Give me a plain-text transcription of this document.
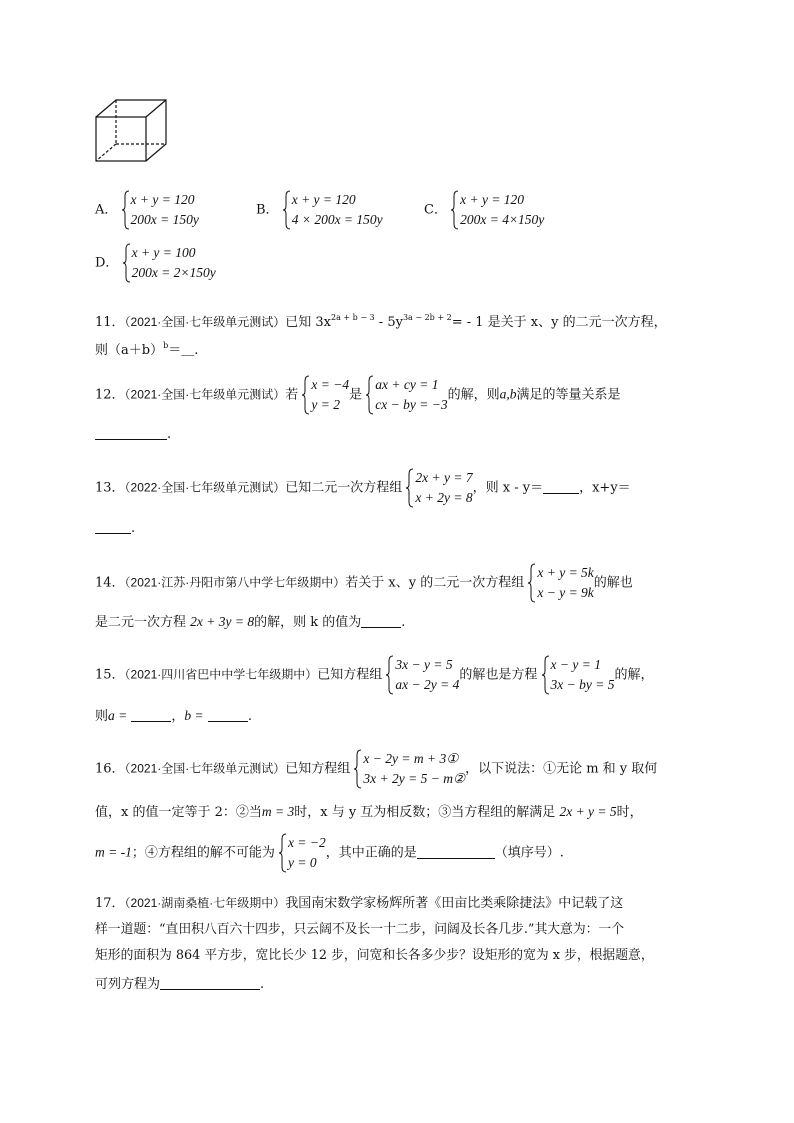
A．
x + y = 120
200x = 150y
B．
x + y = 120
4 × 200x = 150y
C．
x + y = 120
200x = 4×150y
D．
x + y = 100
200x = 2×150y
11．（2021·全国·七年级单元测试）已知 $3x^{2a + b - 3} - 5y^{3a - 2b + 2}= - 1$ 是关于 x、y 的二元一次方程，
则$(a+b)^b=\_$.
12．（2021·全国·七年级单元测试）若
x = −4
y = 2
是
ax + cy = 1
cx − by = −3
的解，则a,b满足的等量关系是
.
13．（2022·全国·七年级单元测试）已知二元一次方程组
2x + y = 7
x + 2y = 8
，则 x - y＝	，x+y＝
.
14．（2021·江苏·丹阳市第八中学七年级期中）若关于 x、y 的二元一次方程组
x + y = 5k
x − y = 9k
的解也
是二元一次方程 2x + 3y = 8的解，则 k 的值为	.
15．（2021·四川省巴中中学七年级期中）已知方程组
3x − y = 5
ax − 2y = 4
的解也是方程
x − y = 1
3x − by = 5
的解，
则a =	，b =	.
16．（2021·全国·七年级单元测试）已知方程组
x − 2y = m + 3①
3x + 2y = 5 − m②
，以下说法：①无论 m 和 y 取何
值，x 的值一定等于 2：②当m = 3时，x 与 y 互为相反数；③当方程组的解满足 2x + y = 5时，
m = -1；④方程组的解不可能为
x = −2
y = 0
，其中正确的是	（填序号）.
17．（2021·湖南桑植·七年级期中）我国南宋数学家杨辉所著《田亩比类乘除捷法》中记载了这
样一道题：“直田积八百六十四步，只云阔不及长一十二步，问阔及长各几步.”其大意为：一个
矩形的面积为 864 平方步，宽比长少 12 步，问宽和长各多少步？设矩形的宽为 x 步，根据题意，
可列方程为	.
